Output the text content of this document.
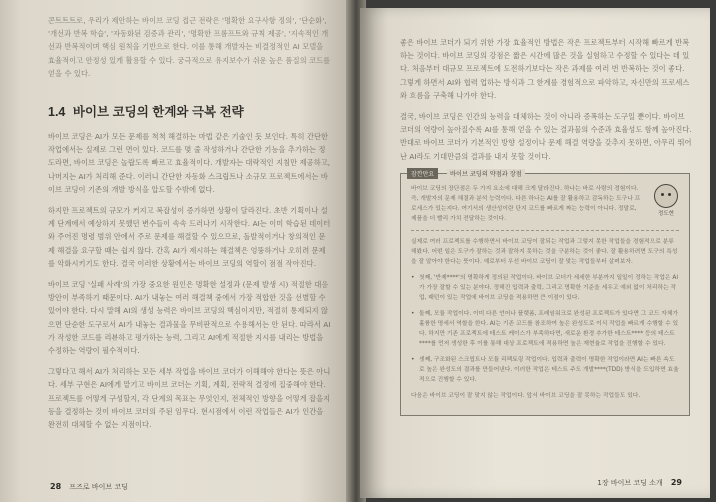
콘트트트로, 우리가 제안하는 바이브 코딩 접근 전략은 '명확한 요구사항 정의', '단순화', '개선과 반복 학습', '자동화된 검증과 관리', '명확한 프롬프트와 규칙 제공', '지속적인 개선과 반복적이며 핵심 원칙을 기반으로 한다. 이를 통해 개발자는 비결정적인 AI 모델을 효율적이고 안정성 있게 활용할 수 있다. 궁극적으로 유지보수가 쉬운 높은 품질의 코드를 얻을 수 있다.

1.4 바이브 코딩의 한계와 극복 전략

바이브 코딩은 AI가 모든 문제를 척척 해결하는 마법 같은 기술인 듯 보인다. 특히 간단한 작업에서는 실제로 그런 면이 있다. 코드를 몇 줄 작성하거나 간단한 기능을 추가하는 정도라면, 바이브 코딩은 놀랍도록 빠르고 효율적이다. 개발자는 대략적인 지침만 제공하고, 나머지는 AI가 처리해 준다. 이러니 간단한 자동화 스크립트나 소규모 프로젝트에서는 바이브 코딩이 기존의 개발 방식을 압도할 수밖에 없다.

하지만 프로젝트의 규모가 커지고 복잡성이 증가하면 상황이 달라진다. 초반 기획이나 설계 단계에서 예상하지 못했던 변수들이 속속 드러나기 시작한다. AI는 이미 학습된 데이터와 주어진 명령 범위 안에서 주로 문제를 해결할 수 있으므로, 돌발적이거나 창의적인 문제 해결을 요구할 때는 쉽지 않다. 간혹 AI가 제시하는 해결책은 엉뚱하거나 오히려 문제를 악화시키기도 한다. 결국 이러한 상황에서는 바이브 코딩의 역할이 점점 작아진다.

바이브 코딩 '실패 사례'의 가장 중요한 원인은 명확한 설정과 (문제 발생 시) 적절한 대응 방안이 부족하기 때문이다. AI가 내놓는 여러 해결책 중에서 가장 적합한 것을 선별할 수 있어야 한다. 다시 말해 AI의 생성 능력은 바이브 코딩의 핵심이지만, 적절히 통제되지 않으면 단순한 도구로서 AI가 내놓는 결과물을 무비판적으로 수용해서는 안 된다. 따라서 AI가 작성한 코드를 리뷰하고 평가하는 능력, 그리고 AI에게 적절한 지시를 내리는 방법을 수정하는 역량이 필수적이다.

그렇다고 해서 AI가 처리하는 모든 세부 작업을 바이브 코더가 이해해야 한다는 뜻은 아니다. 세부 구현은 AI에게 맡기고 바이브 코더는 기획, 계획, 전략적 결정에 집중해야 한다. 프로젝트를 어떻게 구성할지, 각 단계의 목표는 무엇인지, 전체적인 방향을 어떻게 잡을지 등을 결정하는 것이 바이브 코더의 주된 임무다. 현시점에서 이런 작업들은 AI가 인간을 완전히 대체할 수 없는 지점이다.

28 프즈로 바이브 코딩

좋은 바이브 코더가 되기 위한 가장 효율적인 방법은 작은 프로젝트부터 시작해 빠르게 반복하는 것이다. 바이브 코딩의 강점은 짧은 시간에 많은 것을 실험하고 수정할 수 있다는 데 있다. 처음부터 대규모 프로젝트에 도전하기보다는 작은 과제를 여러 번 반복하는 것이 좋다. 그렇게 하면서 AI와 협력 업하는 방식과 그 한계를 경험적으로 파악하고, 자신만의 프로세스와 흐름을 구축해 나가야 한다.

결국, 바이브 코딩은 인간의 능력을 대체하는 것이 아니라 증폭하는 도구일 뿐이다. 바이브 코더의 역량이 높아질수록 AI를 통해 얻을 수 있는 결과물의 수준과 효율성도 함께 높아진다. 반대로 바이브 코더가 기본적인 방향 설정이나 문제 해결 역량을 갖추지 못하면, 아무리 뛰어난 AI라도 기대만큼의 결과를 내지 못할 것이다.

잠깐만요	바이브 코딩의 약점과 장점
정도현

바이브 코딩의 장단점은 두 가지 요소에 대해 크게 달라진다. 하나는 바로 사람의 경험이다. 즉, 개발자의 문제 해결과 분석 능력이다. 다른 하나는 AI를 잘 활용하고 감독하는 도구나 프로세스가 있는지다. 여기서의 생산성이란 단지 코드를 빠르게 짜는 능력이 아니다. 정말로, 제품을 더 빨리 가치 전달하는 것이다.

실제로 여러 프로젝트를 수행하면서 바이브 코딩이 잘되는 작업과 그렇지 못한 작업들을 경험적으로 분류해봤다. 어떤 일은 도구가 잘하는 것과 잘하지 못하는 것을 구분하는 것이 좋다. 잘 활용하려면 도구의 특성을 잘 알아야 한다는 뜻이다. 예로부터 우선 바이브 코딩이 잘 맞는 작업들부터 살펴보자.

• 첫째, '반제****'의 명확하게 정의된 작업이다. 바이브 코더가 세세한 부분까지 일일이 정하는 작업은 AI가 가장 잘할 수 있는 분야다. 정해진 입력과 출력, 그리고 명확한 기준을 세우고 예외 없이 처리하는 작업, 패턴이 있는 작업에 바이브 코딩을 적용하면 큰 이점이 있다.
• 둘째, 모듈 작업이다. 이미 다른 언어나 플랫폼, 프레임워크로 완성된 프로젝트가 있다면 그 코드 자체가 훌륭한 명세서 역할을 한다. AI는 기존 코드를 참조하여 높은 완성도로 이식 작업을 빠르게 수행할 수 있다. 하지만 기존 프로젝트에 테스트 케이스가 부족하다면, 새로운 환경 추가한 테스트**** 등의 테스트****를 먼저 생성한 후 이를 통해 대상 프로젝트에 적용하면 높은 재현율로 작업을 진행할 수 있다.
• 셋째, 구조화된 스크립트나 모듈 리팩토링 작업이다. 입력과 출력이 명확한 작업이라면 AI는 빠른 속도로 높은 완성도의 결과를 만들어낸다. 이러한 작업은 테스트 주도 개발****(TDD) 방식을 도입하면 효율적으로 진행할 수 있다.

다음은 바이브 코딩이 잘 맞지 않는 작업이다. 앞서 바이브 코딩을 잘 못하는 작업들도 있다.

1장 바이브 코딩 소개 29
